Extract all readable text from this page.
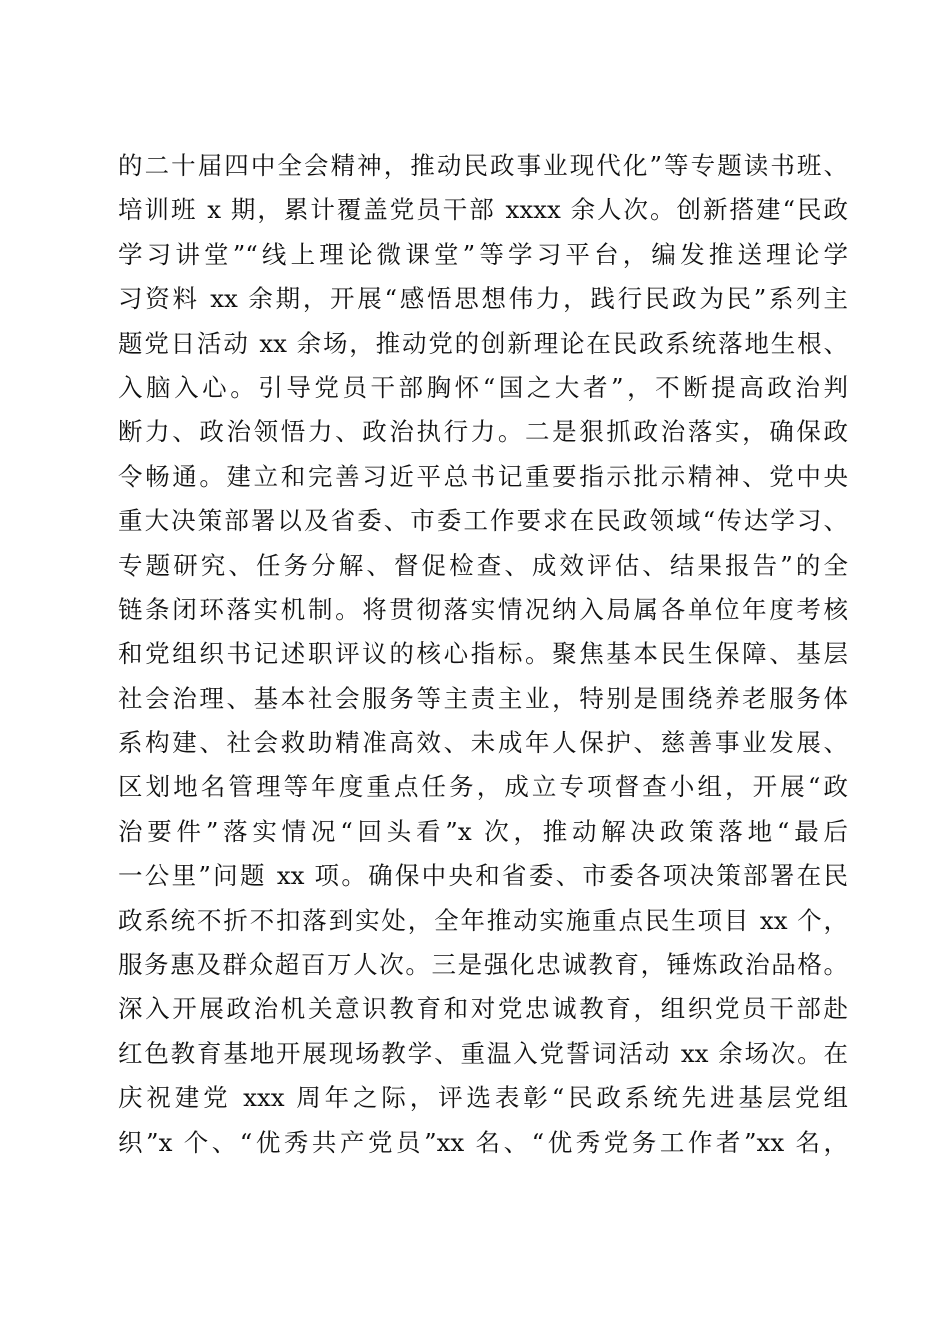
的二十届四中全会精神，推动民政事业现代化”等专题读书班、
培训班 x 期，累计覆盖党员干部 xxxx 余人次。创新搭建“民政
学习讲堂”“线上理论微课堂”等学习平台，编发推送理论学
习资料 xx 余期，开展“感悟思想伟力，践行民政为民”系列主
题党日活动 xx 余场，推动党的创新理论在民政系统落地生根、
入脑入心。引导党员干部胸怀“国之大者”，不断提高政治判
断力、政治领悟力、政治执行力。二是狠抓政治落实，确保政
令畅通。建立和完善习近平总书记重要指示批示精神、党中央
重大决策部署以及省委、市委工作要求在民政领域“传达学习、
专题研究、任务分解、督促检查、成效评估、结果报告”的全
链条闭环落实机制。将贯彻落实情况纳入局属各单位年度考核
和党组织书记述职评议的核心指标。聚焦基本民生保障、基层
社会治理、基本社会服务等主责主业，特别是围绕养老服务体
系构建、社会救助精准高效、未成年人保护、慈善事业发展、
区划地名管理等年度重点任务，成立专项督查小组，开展“政
治要件”落实情况“回头看”x 次，推动解决政策落地“最后
一公里”问题 xx 项。确保中央和省委、市委各项决策部署在民
政系统不折不扣落到实处，全年推动实施重点民生项目 xx 个，
服务惠及群众超百万人次。三是强化忠诚教育，锤炼政治品格。
深入开展政治机关意识教育和对党忠诚教育，组织党员干部赴
红色教育基地开展现场教学、重温入党誓词活动 xx 余场次。在
庆祝建党 xxx 周年之际，评选表彰“民政系统先进基层党组
织”x 个、“优秀共产党员”xx 名、“优秀党务工作者”xx 名，
